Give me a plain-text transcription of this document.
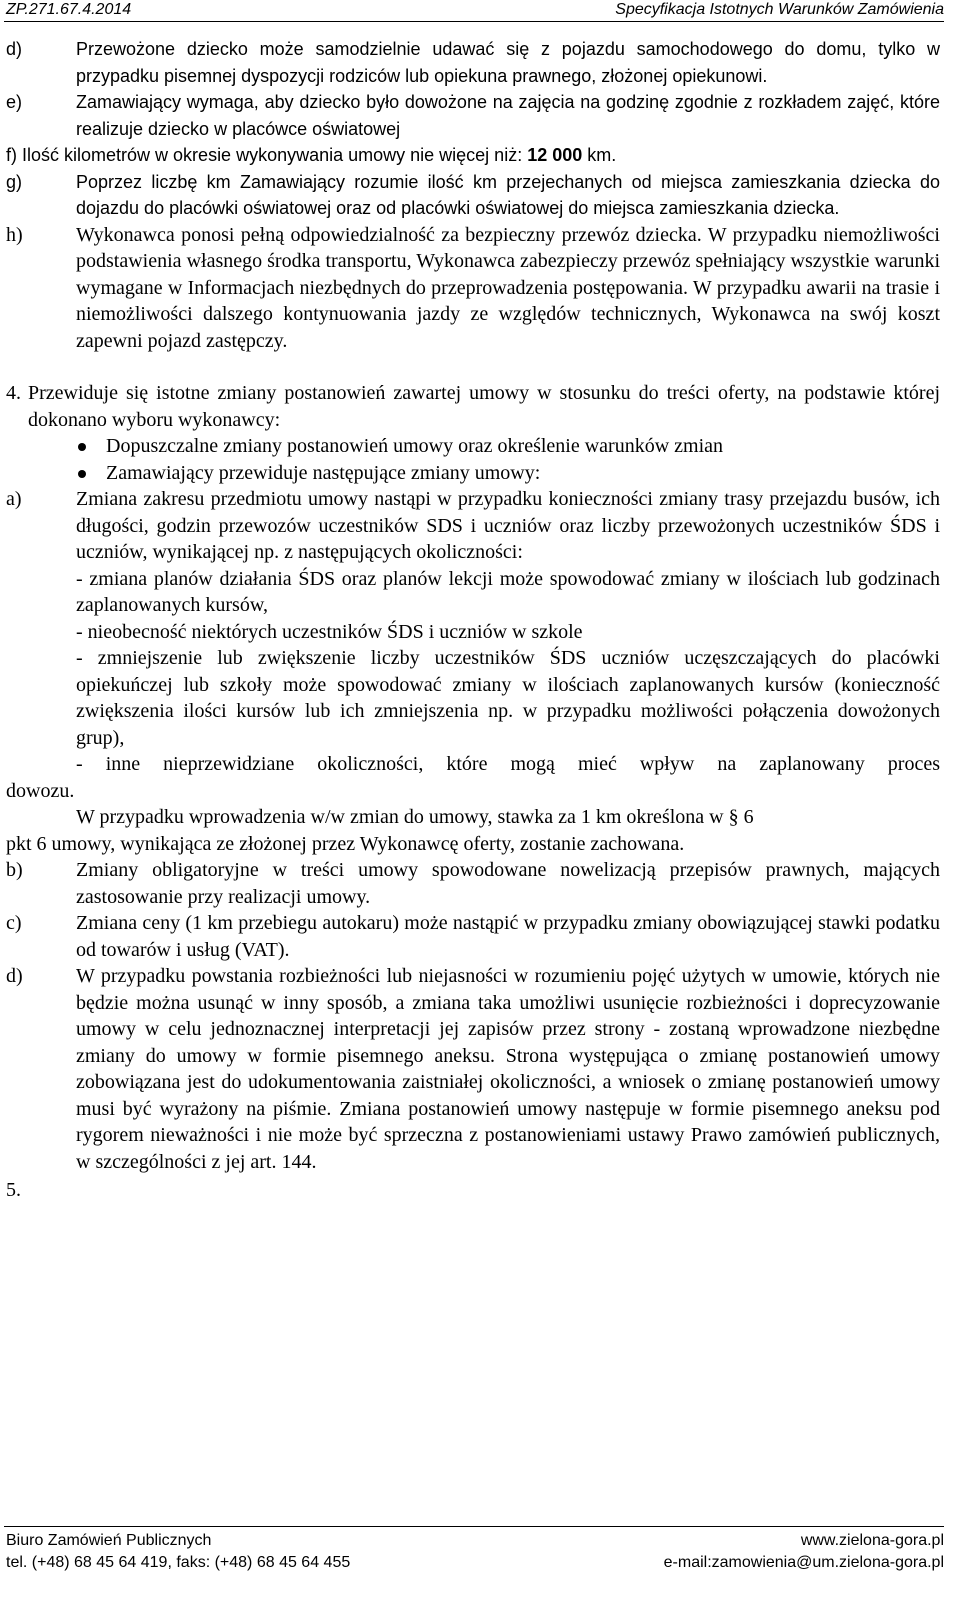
ZP.271.67.4.2014	Specyfikacja Istotnych Warunków Zamówienia
d)	Przewożone dziecko może samodzielnie udawać się z pojazdu samochodowego do domu, tylko w przypadku pisemnej dyspozycji rodziców lub opiekuna prawnego, złożonej opiekunowi.
e)	Zamawiający wymaga, aby dziecko było dowożone na zajęcia na godzinę zgodnie z rozkładem zajęć, które realizuje dziecko w placówce oświatowej
f) Ilość kilometrów w okresie wykonywania umowy nie więcej niż: 12 000 km.
g)	Poprzez liczbę km Zamawiający rozumie ilość km przejechanych od miejsca zamieszkania dziecka do dojazdu do placówki oświatowej oraz od placówki oświatowej do miejsca zamieszkania dziecka.
h)	Wykonawca ponosi pełną odpowiedzialność za bezpieczny przewóz dziecka. W przypadku niemożliwości podstawienia własnego środka transportu, Wykonawca zabezpieczy przewóz spełniający wszystkie warunki wymagane w Informacjach niezbędnych do przeprowadzenia postępowania. W przypadku awarii na trasie i niemożliwości dalszego kontynuowania jazdy ze względów technicznych, Wykonawca na swój koszt zapewni pojazd zastępczy.
4. Przewiduje się istotne zmiany postanowień zawartej umowy w stosunku do treści oferty, na podstawie której dokonano wyboru wykonawcy:
Dopuszczalne zmiany postanowień umowy oraz określenie warunków zmian
Zamawiający przewiduje następujące zmiany umowy:
a)	Zmiana zakresu przedmiotu umowy nastąpi w przypadku konieczności zmiany trasy przejazdu busów, ich długości, godzin przewozów uczestników SDS i uczniów oraz liczby przewożonych uczestników ŚDS i uczniów, wynikającej np. z następujących okoliczności:
- zmiana planów działania ŚDS oraz planów lekcji może spowodować zmiany w ilościach lub godzinach zaplanowanych kursów,
- nieobecność niektórych uczestników ŚDS i uczniów w szkole
- zmniejszenie lub zwiększenie liczby uczestników ŚDS uczniów uczęszczających do placówki opiekuńczej lub szkoły może spowodować zmiany w ilościach zaplanowanych kursów (konieczność zwiększenia ilości kursów lub ich zmniejszenia np. w przypadku możliwości połączenia dowożonych grup),
- inne nieprzewidziane okoliczności, które mogą mieć wpływ na zaplanowany proces
dowozu.
W przypadku wprowadzenia w/w zmian do umowy, stawka za 1 km określona w § 6
pkt 6 umowy, wynikająca ze złożonej przez Wykonawcę oferty, zostanie zachowana.
b)	Zmiany obligatoryjne w treści umowy spowodowane nowelizacją przepisów prawnych, mających zastosowanie przy realizacji umowy.
c)	Zmiana ceny (1 km przebiegu autokaru) może nastąpić w przypadku zmiany obowiązującej stawki podatku od towarów i usług (VAT).
d)	W przypadku powstania rozbieżności lub niejasności w rozumieniu pojęć użytych w umowie, których nie będzie można usunąć w inny sposób, a zmiana taka umożliwi usunięcie rozbieżności i doprecyzowanie umowy w celu jednoznacznej interpretacji jej zapisów przez strony - zostaną wprowadzone niezbędne zmiany do umowy w formie pisemnego aneksu. Strona występująca o zmianę postanowień umowy zobowiązana jest do udokumentowania zaistniałej okoliczności, a wniosek o zmianę postanowień umowy musi być wyrażony na piśmie. Zmiana postanowień umowy następuje w formie pisemnego aneksu pod rygorem nieważności i nie może być sprzeczna z postanowieniami ustawy Prawo zamówień publicznych, w szczególności z jej art. 144.
5.
Biuro Zamówień Publicznych	www.zielona-gora.pl
tel. (+48) 68 45 64 419, faks: (+48) 68 45 64 455	e-mail:zamowienia@um.zielona-gora.pl
